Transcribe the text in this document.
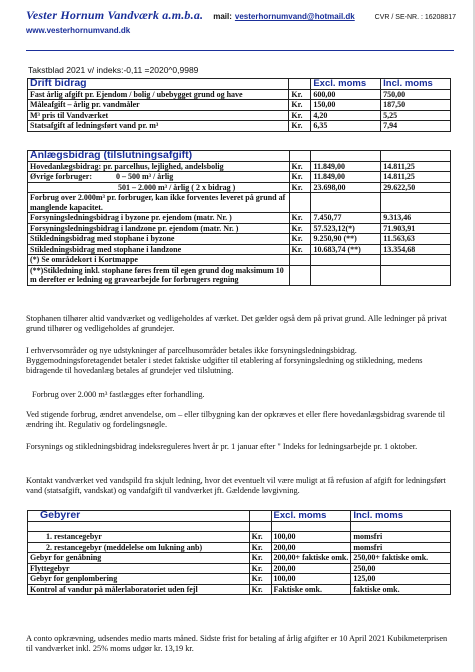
Vester Hornum Vandværk a.m.b.a. mail: vesterhornumvand@hotmail.dk	CVR / SE-NR. : 16208817
www.vesterhornumvand.dk
Takstblad 2021 v/ indeks:-0,11 =2020^0,9989
Drift bidrag		Excl. moms	Incl. moms
Fast årlig afgift pr. Ejendom / bolig / ubebygget grund og have	Kr.	600,00	750,00
Måleafgift – årlig pr. vandmåler	Kr.	150,00	187,50
M³ pris til Vandværket	Kr.	4,20	5,25
Statsafgift af ledningsført vand pr. m³	Kr.	6,35	7,94
Anlægsbidrag (tilslutningsafgift)			
Hovedanlægsbidrag: pr. parcelhus, lejlighed, andelsbolig	Kr.	11.849,00	14.811,25
Øvrige forbruger:            0 – 500 m³ / årlig	Kr.	11.849,00	14.811,25
501 – 2.000 m³ / årlig ( 2 x bidrag )	Kr.	23.698,00	29.622,50
Forbrug over 2.000m³ pr. forbruger, kan ikke forventes leveret på grund af manglende kapacitet.			
Forsyningsledningsbidrag i byzone pr. ejendom (matr. Nr. )	Kr.	7.450,77	9.313,46
Forsyningsledningsbidrag i landzone pr. ejendom (matr. Nr. )	Kr.	57.523,12(*)	71.903,91
Stikledningsbidrag med stophane i byzone	Kr.	9.250,90 (**)	11.563,63
Stikledningsbidrag med stophane i landzone	Kr.	10.683,74 (**)	13.354,68
(*) Se områdekort i Kortmappe			
(**)Stikledning inkl. stophane føres frem til egen grund dog maksimum 10 m derefter er ledning og gravearbejde for forbrugers regning			
Stophanen tilhører altid vandværket og vedligeholdes af værket. Det gælder også dem på privat grund. Alle ledninger på privat grund tilhører og vedligeholdes af grundejer.
I erhvervsområder og nye udstykninger af parcelhusområder betales ikke forsyningsledningsbidrag. Byggemodningsforetagendet betaler i stedet faktiske udgifter til etablering af forsyningsledning og stikledning, medens bidragende til hovedanlæg betales af grundejer ved tilslutning.
Forbrug over 2.000 m³ fastlægges efter forhandling.
Ved stigende forbrug, ændret anvendelse, om – eller tilbygning kan der opkræves et eller flere hovedanlægsbidrag svarende til ændring iht. Regulativ og fordelingsnøgle.
Forsynings og stikledningsbidrag indeksreguleres hvert år pr. 1 januar efter " Indeks for ledningsarbejde pr. 1 oktober.
Kontakt vandværket ved vandspild fra skjult ledning, hvor det eventuelt vil være muligt at få refusion af afgift for ledningsført vand (statsafgift, vandskat) og vandafgift til vandværket jft. Gældende løvgivning.
Gebyrer		Excl. moms	Incl. moms

1. restancegebyr	Kr.	100,00	momsfri
2. restancegebyr (meddelelse om lukning anb)	Kr.	200,00	momsfri
Gebyr for genåbning	Kr.	200,00+ faktiske omk.	250,00+ faktiske omk.
Flyttegebyr	Kr.	200,00	250,00
Gebyr for genplombering	Kr.	100,00	125,00
Kontrol af vandur på målerlaboratoriet uden fejl	Kr.	Faktiske omk.	faktiske omk.
A conto opkrævning, udsendes medio marts måned. Sidste frist for betaling af årlig afgifter er 10 April 2021 Kubikmeterprisen til vandværket inkl. 25% moms udgør kr. 13,19 kr.
